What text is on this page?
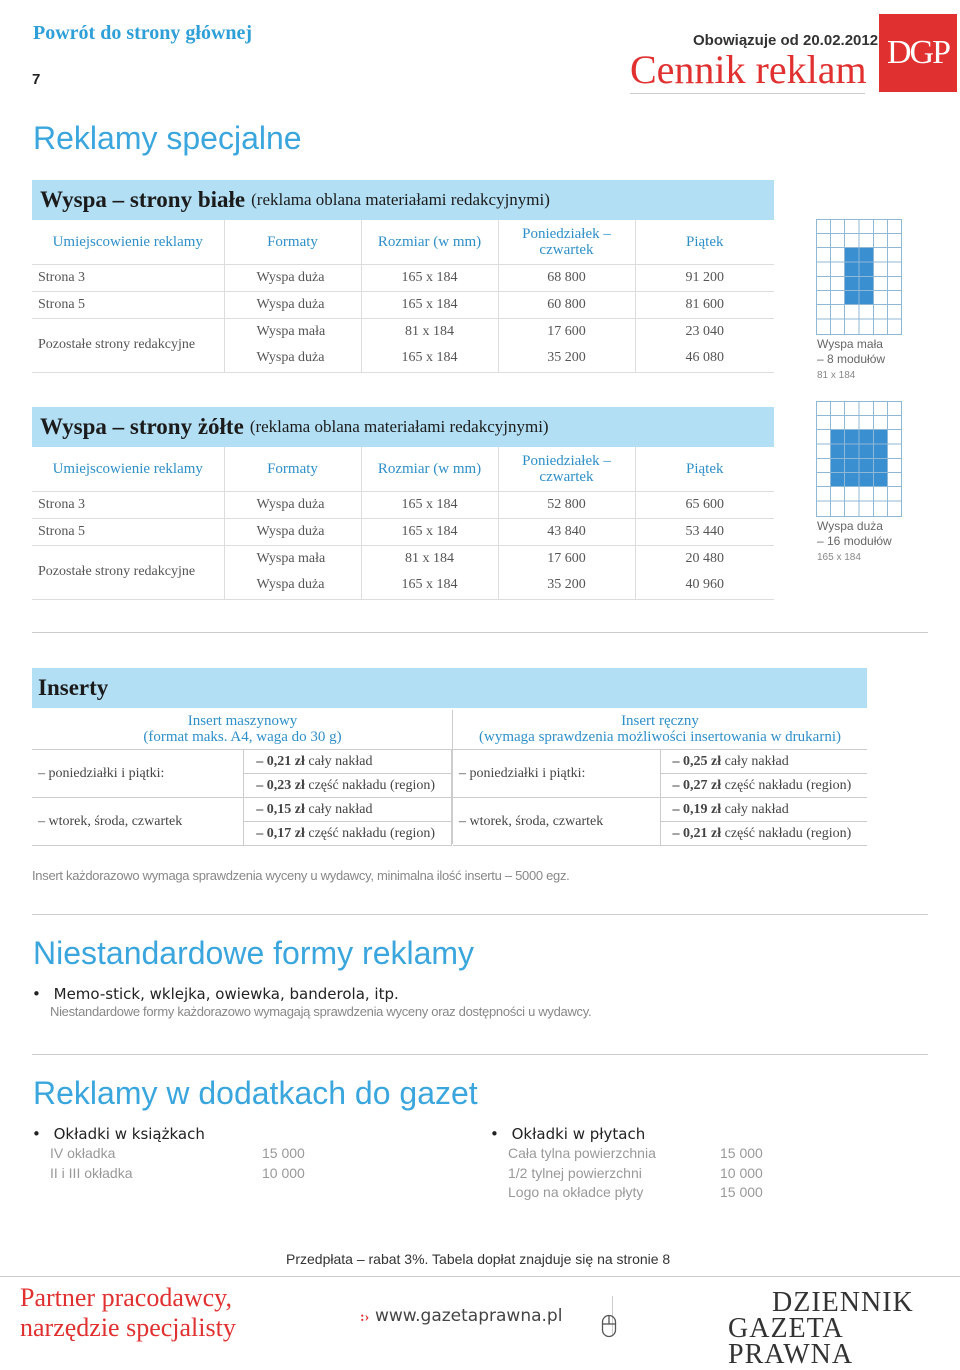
Powrót do strony głównej
7
Obowiązuje od 20.02.2012
Cennik reklam DGP
Reklamy specjalne
Wyspa – strony białe (reklama oblana materiałami redakcyjnymi)
Umiejscowienie reklamy	Formaty	Rozmiar (w mm)	Poniedziałek – czwartek	Piątek
Strona 3	Wyspa duża	165 x 184	68 800	91 200
Strona 5	Wyspa duża	165 x 184	60 800	81 600
Pozostałe strony redakcyjne	Wyspa mała	81 x 184	17 600	23 040
	Wyspa duża	165 x 184	35 200	46 080
Wyspa mała
– 8 modułów
81 x 184
Wyspa – strony żółte (reklama oblana materiałami redakcyjnymi)
Umiejscowienie reklamy	Formaty	Rozmiar (w mm)	Poniedziałek – czwartek	Piątek
Strona 3	Wyspa duża	165 x 184	52 800	65 600
Strona 5	Wyspa duża	165 x 184	43 840	53 440
Pozostałe strony redakcyjne	Wyspa mała	81 x 184	17 600	20 480
	Wyspa duża	165 x 184	35 200	40 960
Wyspa duża
– 16 modułów
165 x 184
Inserty
Insert maszynowy
(format maks. A4, waga do 30 g)
Insert ręczny
(wymaga sprawdzenia możliwości insertowania w drukarni)
– poniedziałki i piątki:	– 0,21 zł cały nakład
	– 0,23 zł część nakładu (region)
– wtorek, środa, czwartek	– 0,15 zł cały nakład
	– 0,17 zł część nakładu (region)
– poniedziałki i piątki:	– 0,25 zł cały nakład
	– 0,27 zł część nakładu (region)
– wtorek, środa, czwartek	– 0,19 zł cały nakład
	– 0,21 zł część nakładu (region)
Insert każdorazowo wymaga sprawdzenia wyceny u wydawcy, minimalna ilość insertu – 5000 egz.
Niestandardowe formy reklamy
• Memo-stick, wklejka, owiewka, banderola, itp.
Niestandardowe formy każdorazowo wymagają sprawdzenia wyceny oraz dostępności u wydawcy.
Reklamy w dodatkach do gazet
• Okładki w książkach
IV okładka	15 000
II i III okładka	10 000
• Okładki w płytach
Cała tylna powierzchnia	15 000
1/2 tylnej powierzchni	10 000
Logo na okładce płyty	15 000
Przedpłata – rabat 3%. Tabela dopłat znajduje się na stronie 8
Partner pracodawcy,
narzędzie specjalisty	:› www.gazetaprawna.pl	DZIENNIK
GAZETA PRAWNA
